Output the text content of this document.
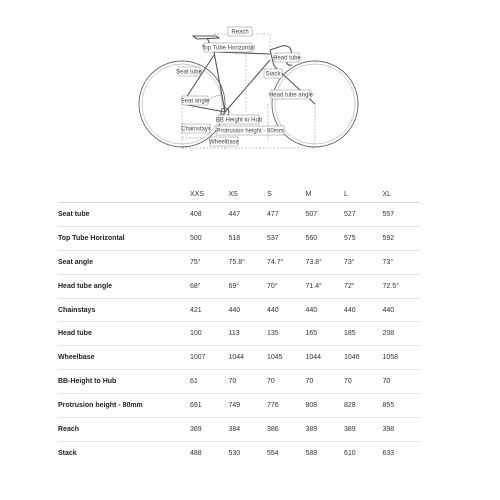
Reach
Top Tube Horizontal
Head tube
Seat tube	Stack
Seat angle
Head tube angle
Chainstays
BB Height to Hub
Protrusion height - 80mm
Wheelbase
	XXS	XS	S	M	L	XL
Seat tube	408	447	477	507	527	557
Top Tube Horizontal	500	518	537	560	575	592
Seat angle	75°	75.8°	74.7°	73.8°	73°	73°
Head tube angle	68°	69°	70°	71.4°	72°	72.5°
Chainstays	421	440	440	440	440	440
Head tube	100	113	135	165	185	208
Wheelbase	1007	1044	1045	1044	1046	1058
BB-Height to Hub	61	70	70	70	70	70
Protrusion height - 80mm	691	749	776	808	828	855
Reach	369	384	386	389	389	398
Stack	488	530	554	588	610	633
